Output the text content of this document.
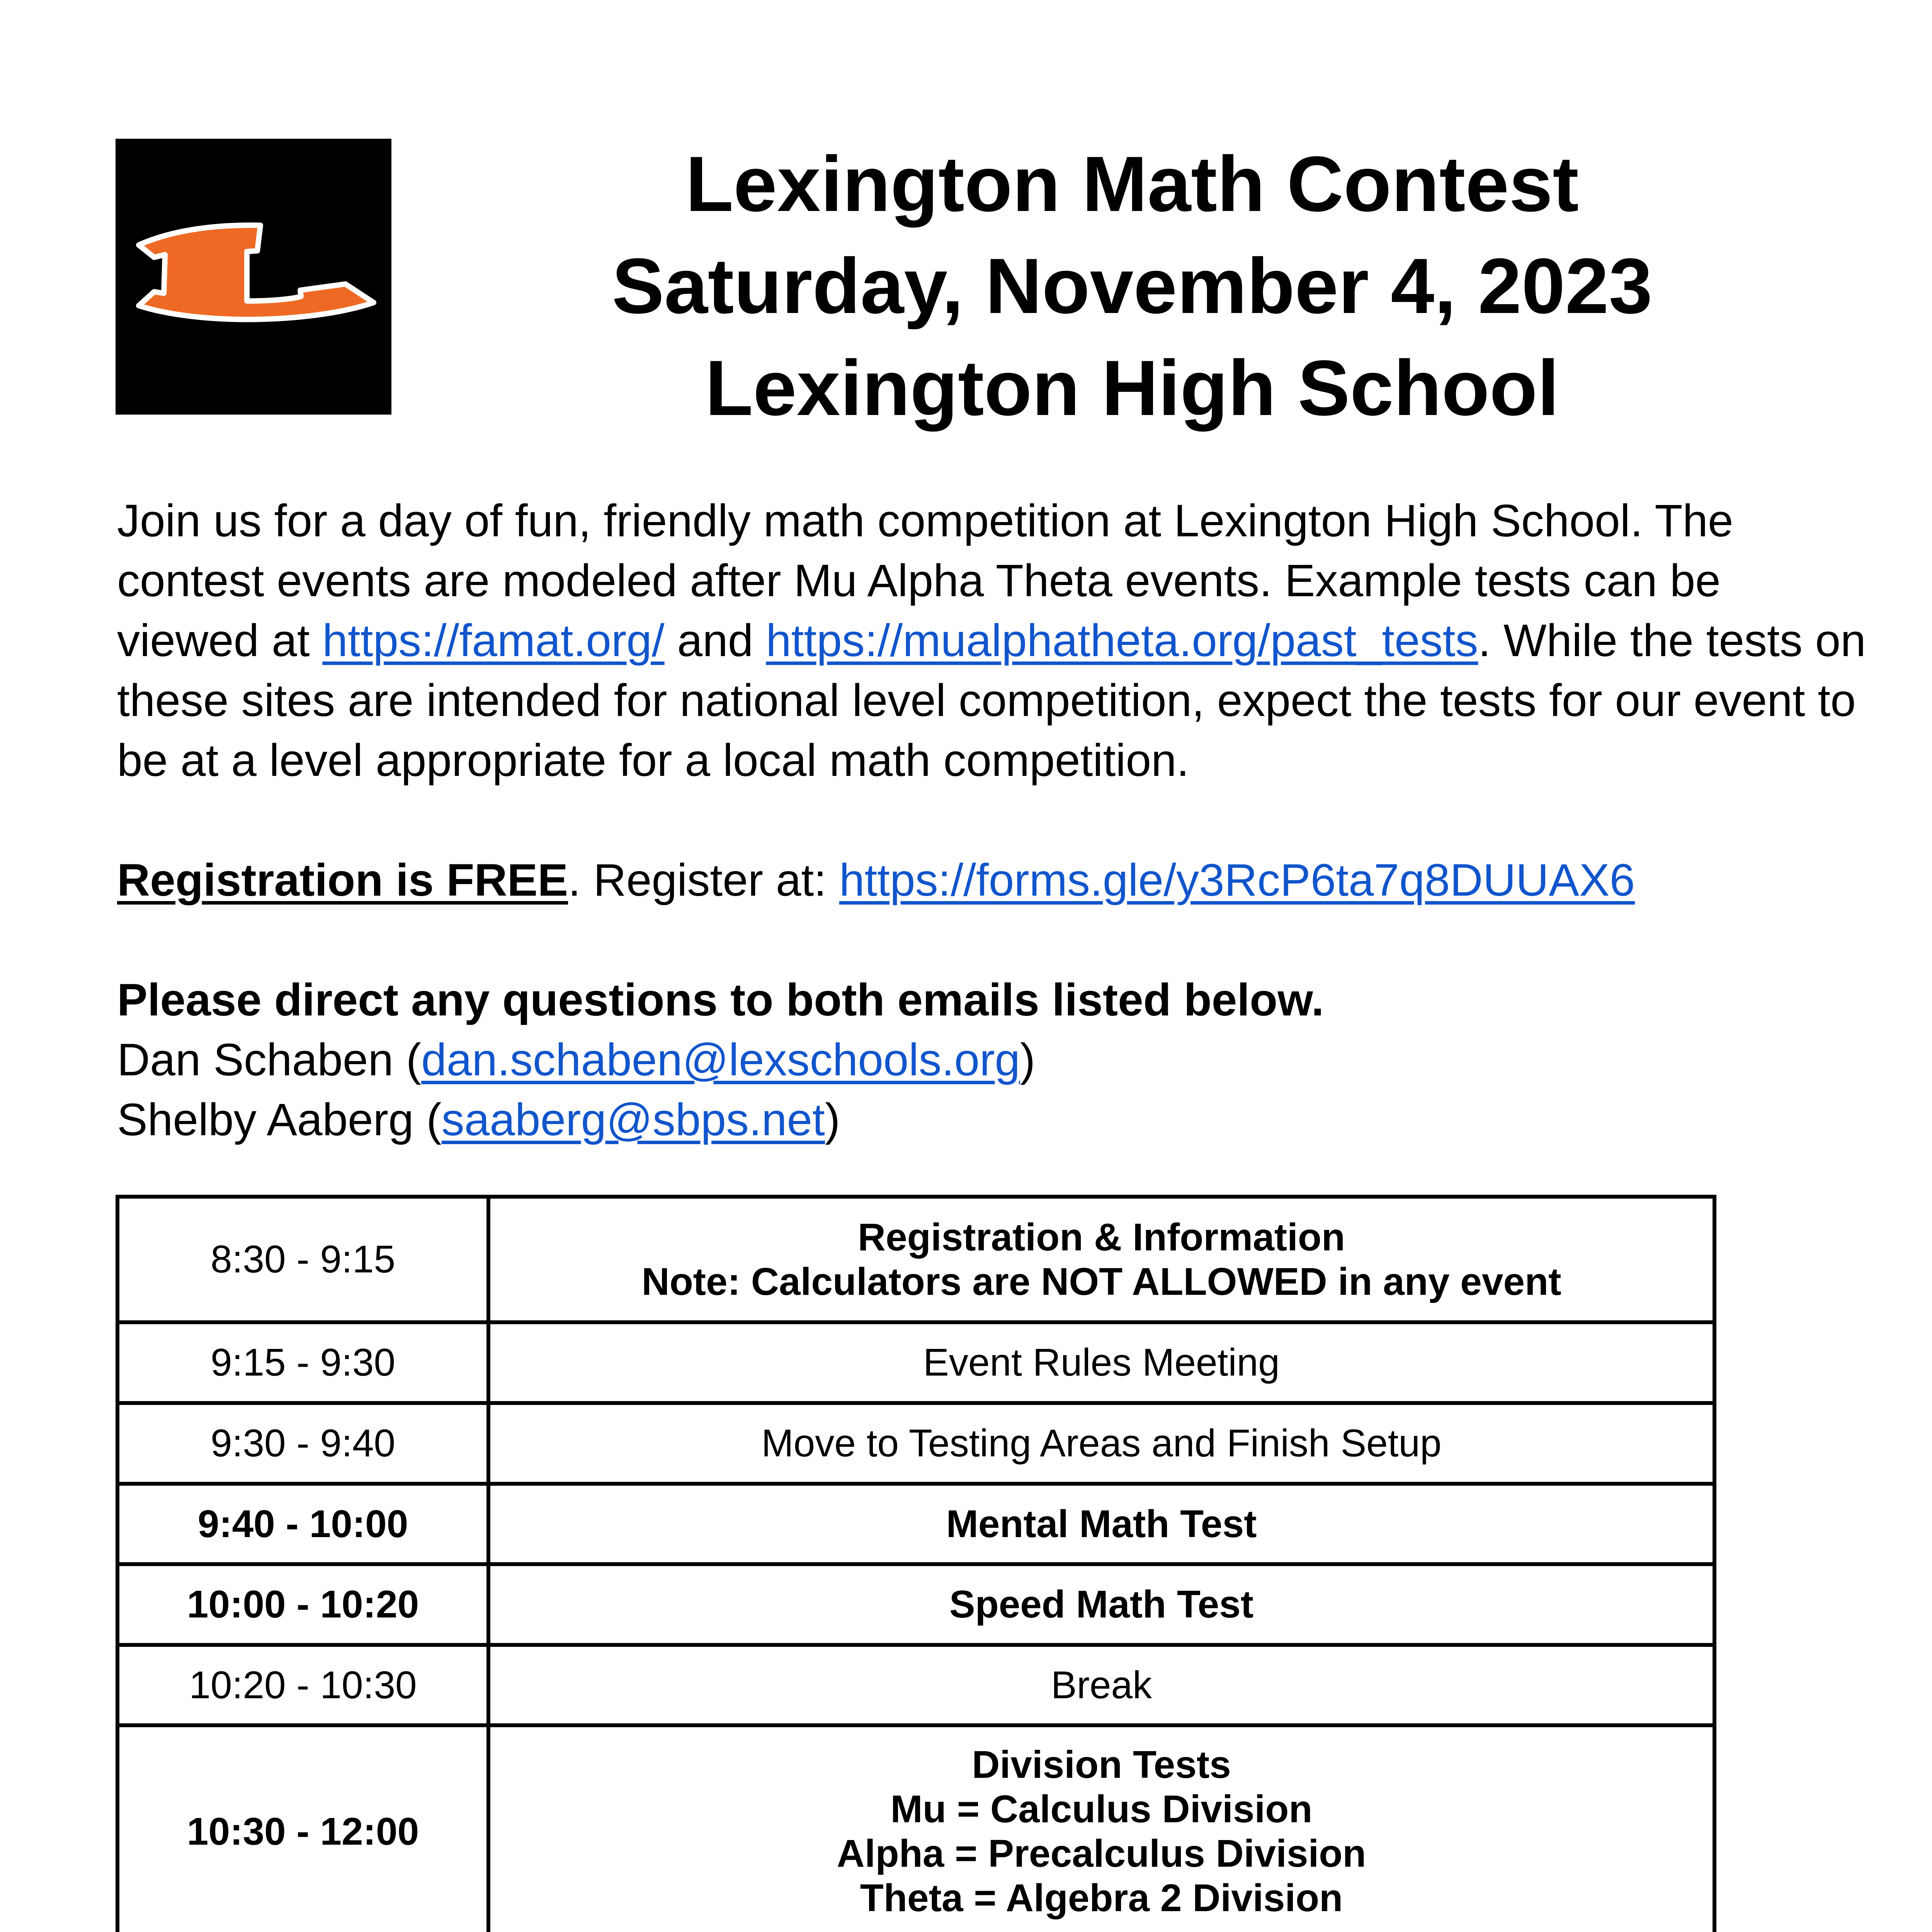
Lexington Math Contest
Saturday, November 4, 2023
Lexington High School
Join us for a day of fun, friendly math competition at Lexington High School. The
contest events are modeled after Mu Alpha Theta events. Example tests can be
viewed at https://famat.org/ and https://mualphatheta.org/past_tests. While the tests on
these sites are intended for national level competition, expect the tests for our event to
be at a level appropriate for a local math competition.
Registration is FREE. Register at: https://forms.gle/y3RcP6ta7q8DUUAX6
Please direct any questions to both emails listed below.
Dan Schaben (dan.schaben@lexschools.org)
Shelby Aaberg (saaberg@sbps.net)
8:30 - 9:15	Registration & Information
Note: Calculators are NOT ALLOWED in any event

9:15 - 9:30	Event Rules Meeting

9:30 - 9:40	Move to Testing Areas and Finish Setup

9:40 - 10:00	Mental Math Test

10:00 - 10:20	Speed Math Test

10:20 - 10:30	Break

10:30 - 12:00	Division Tests
Mu = Calculus Division
Alpha = Precalculus Division
Theta = Algebra 2 Division
